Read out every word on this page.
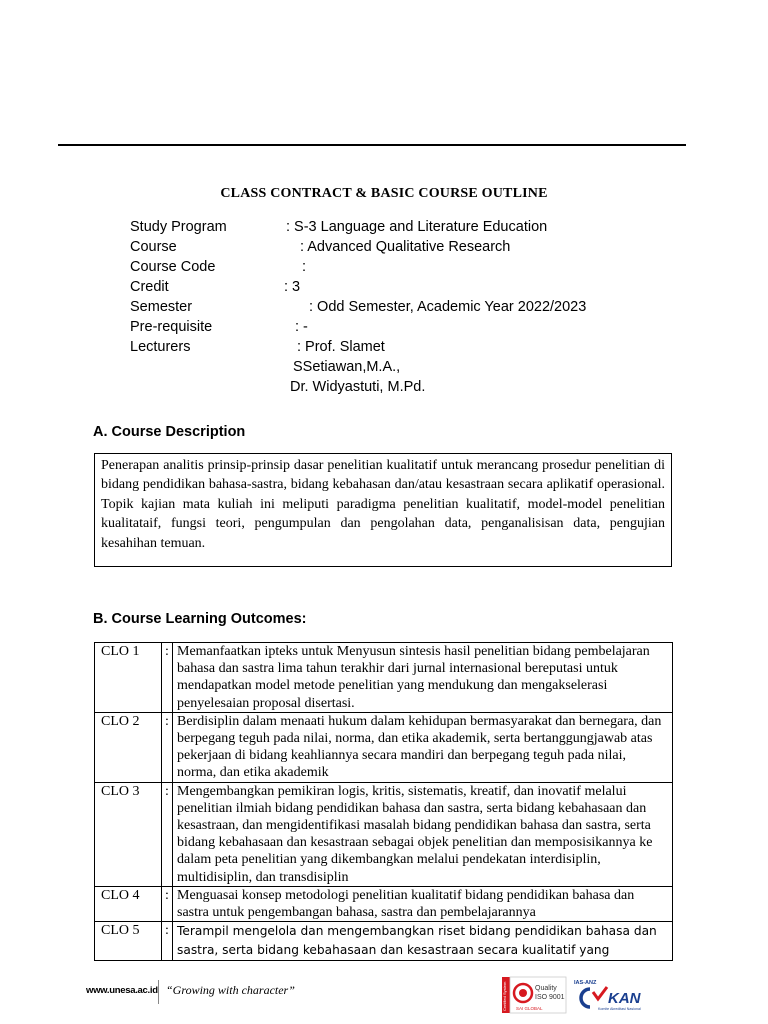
CLASS CONTRACT & BASIC COURSE OUTLINE
Study Program	: S-3 Language and Literature Education
Course	: Advanced Qualitative Research
Course Code	:
Credit	: 3
Semester	: Odd Semester, Academic Year 2022/2023
Pre-requisite	: -
Lecturers	: Prof. Slamet
SSetiawan,M.A.,
Dr. Widyastuti, M.Pd.
A. Course Description
Penerapan analitis prinsip-prinsip dasar penelitian kualitatif untuk merancang prosedur penelitian di bidang pendidikan bahasa-sastra, bidang kebahasan dan/atau kesastraan secara aplikatif operasional. Topik kajian mata kuliah ini meliputi paradigma penelitian kualitatif, model-model penelitian kualitataif, fungsi teori, pengumpulan dan pengolahan data, penganalisisan data, pengujian kesahihan temuan.
B. Course Learning Outcomes:
CLO 1	:	Memanfaatkan ipteks untuk Menyusun sintesis hasil penelitian bidang pembelajaran bahasa dan sastra lima tahun terakhir dari jurnal internasional bereputasi untuk mendapatkan model metode penelitian yang mendukung dan mengakselerasi penyelesaian proposal disertasi.
CLO 2	:	Berdisiplin dalam menaati hukum dalam kehidupan bermasyarakat dan bernegara, dan berpegang teguh pada nilai, norma, dan etika akademik, serta bertanggungjawab atas pekerjaan di bidang keahliannya secara mandiri dan berpegang teguh pada nilai, norma, dan etika akademik
CLO 3	:	Mengembangkan pemikiran logis, kritis, sistematis, kreatif, dan inovatif melalui penelitian ilmiah bidang pendidikan bahasa dan sastra, serta bidang kebahasaan dan kesastraan, dan mengidentifikasi masalah bidang pendidikan bahasa dan sastra, serta bidang kebahasaan dan kesastraan sebagai objek penelitian dan memposisikannya ke dalam peta penelitian yang dikembangkan melalui pendekatan interdisiplin, multidisiplin, dan transdisiplin
CLO 4	:	Menguasai konsep metodologi penelitian kualitatif bidang pendidikan bahasa dan sastra untuk pengembangan bahasa, sastra dan pembelajarannya
CLO 5	:	Terampil mengelola dan mengembangkan riset bidang pendidikan bahasa dan sastra, serta bidang kebahasaan dan kesastraan secara kualitatif yang
www.unesa.ac.id “Growing with character”	Certified System	Quality
ISO 9001
SAI GLOBAL
IAS-ANZ
KAN
Komite Akreditasi Nasional
